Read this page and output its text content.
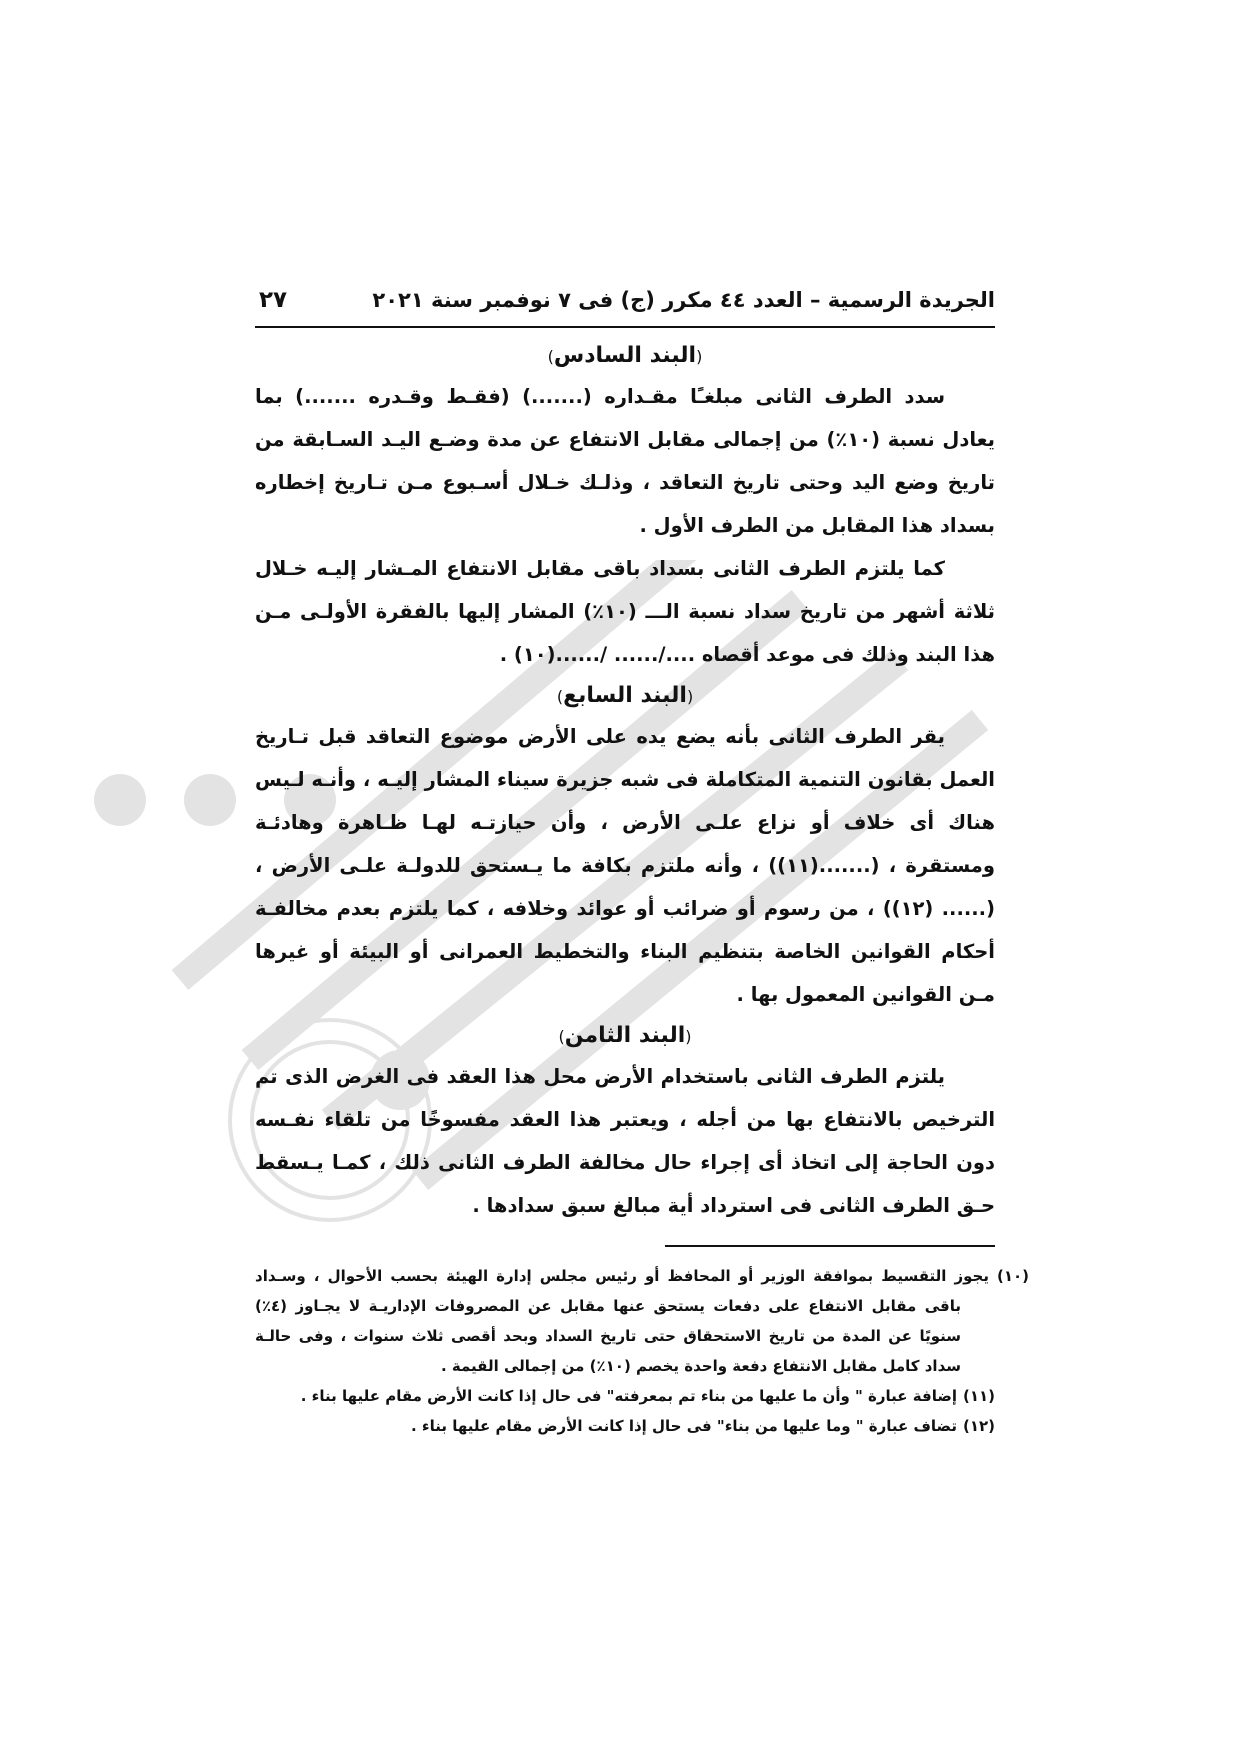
الجريدة الرسمية – العدد ٤٤ مكرر (ج) فى ٧ نوفمبر سنة ٢٠٢١
٢٧
(البند السادس)

سدد الطرف الثانى مبلغـًا مقـداره (.......) (فقـط وقـدره .......) بما يعادل نسبة (١٠٪) من إجمالى مقابل الانتفاع عن مدة وضـع اليـد السـابقة من تاريخ وضع اليد وحتى تاريخ التعاقد ، وذلـك خـلال أسـبوع مـن تـاريخ إخطاره بسداد هذا المقابل من الطرف الأول .

كما يلتزم الطرف الثانى بسداد باقى مقابل الانتفاع المـشار إليـه خـلال ثلاثة أشهر من تاريخ سداد نسبة الـــ (١٠٪) المشار إليها بالفقرة الأولـى مـن هذا البند وذلك فى موعد أقصاه ..../...... /......(١٠) .

(البند السابع)

يقر الطرف الثانى بأنه يضع يده على الأرض موضوع التعاقد قبل تـاريخ العمل بقانون التنمية المتكاملة فى شبه جزيرة سيناء المشار إليـه ، وأنـه لـيس هناك أى خلاف أو نزاع علـى الأرض ، وأن حيازتـه لهـا ظـاهرة وهادئـة ومستقرة ، (.......(١١)) ، وأنه ملتزم بكافة ما يـستحق للدولـة علـى الأرض ، (...... (١٢)) ، من رسوم أو ضرائب أو عوائد وخلافه ، كما يلتزم بعدم مخالفـة أحكام القوانين الخاصة بتنظيم البناء والتخطيط العمرانى أو البيئة أو غيرها مـن القوانين المعمول بها .

(البند الثامن)

يلتزم الطرف الثانى باستخدام الأرض محل هذا العقد فى الغرض الذى تم الترخيص بالانتفاع بها من أجله ، ويعتبر هذا العقد مفسوخًا من تلقاء نفـسه دون الحاجة إلى اتخاذ أى إجراء حال مخالفة الطرف الثانى ذلك ، كمـا يـسقط حـق الطرف الثانى فى استرداد أية مبالغ سبق سدادها .

(١٠)يجوز التقسيط بموافقة الوزير أو المحافظ أو رئيس مجلس إدارة الهيئة بحسب الأحوال ، وسـداد باقى مقابل الانتفاع على دفعات يستحق عنها مقابل عن المصروفات الإداريـة لا يجـاوز (٤٪) سنويًا عن المدة من تاريخ الاستحقاق حتى تاريخ السداد وبحد أقصى ثلاث سنوات ، وفى حالـة سداد كامل مقابل الانتفاع دفعة واحدة يخصم (١٠٪) من إجمالى القيمة .

(١١)إضافة عبارة " وأن ما عليها من بناء تم بمعرفته" فى حال إذا كانت الأرض مقام عليها بناء .

(١٢)تضاف عبارة " وما عليها من بناء" فى حال إذا كانت الأرض مقام عليها بناء .
